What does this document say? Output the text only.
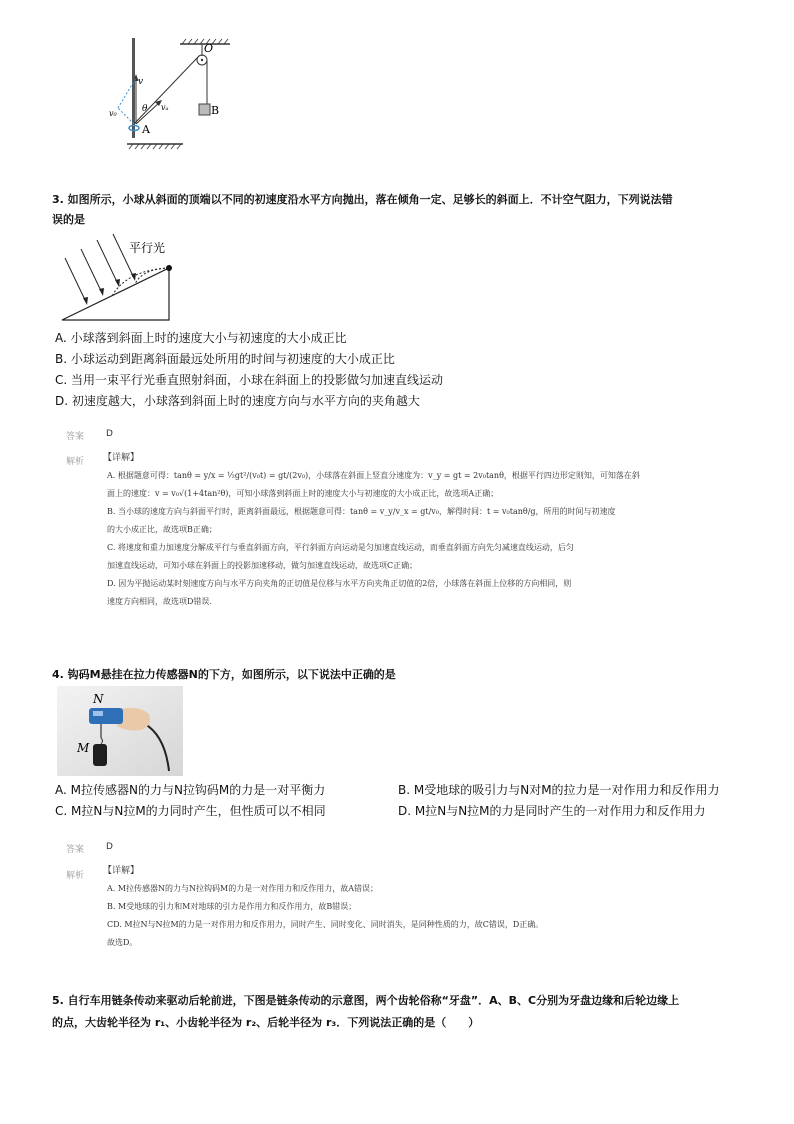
O
B
A
v
θ
v₀
vₐ
3. 如图所示，小球从斜面的顶端以不同的初速度沿水平方向抛出，落在倾角一定、足够长的斜面上．不计空气阻力，下列说法错
误的是
平行光
A. 小球落到斜面上时的速度大小与初速度的大小成正比
B. 小球运动到距离斜面最远处所用的时间与初速度的大小成正比
C. 当用一束平行光垂直照射斜面，小球在斜面上的投影做匀加速直线运动
D. 初速度越大，小球落到斜面上时的速度方向与水平方向的夹角越大
答案 D
解析 【详解】
A. 根据题意可得：tanθ = y/x = ½gt²/(v₀t) = gt/(2v₀)，小球落在斜面上竖直分速度为：v_y = gt = 2v₀tanθ，根据平行四边形定则知，可知落在斜
面上的速度：v = v₀√(1+4tan²θ)，可知小球落到斜面上时的速度大小与初速度的大小成正比，故选项A正确；
B. 当小球的速度方向与斜面平行时，距离斜面最远，根据题意可得：tanθ = v_y/v_x = gt/v₀，解得时间：t = v₀tanθ/g，所用的时间与初速度
的大小成正比，故选项B正确；
C. 将速度和重力加速度分解成平行与垂直斜面方向，平行斜面方向运动是匀加速直线运动，而垂直斜面方向先匀减速直线运动，后匀
加速直线运动，可知小球在斜面上的投影加速移动，做匀加速直线运动，故选项C正确；
D. 因为平抛运动某时刻速度方向与水平方向夹角的正切值是位移与水平方向夹角正切值的2倍，小球落在斜面上位移的方向相同，则
速度方向相同，故选项D错误.
4. 钩码M悬挂在拉力传感器N的下方，如图所示，以下说法中正确的是
N
M
A. M拉传感器N的力与N拉钩码M的力是一对平衡力	B. M受地球的吸引力与N对M的拉力是一对作用力和反作用力
C. M拉N与N拉M的力同时产生，但性质可以不相同	D. M拉N与N拉M的力是同时产生的一对作用力和反作用力
答案 D
解析 【详解】
A. M拉传感器N的力与N拉钩码M的力是一对作用力和反作用力，故A错误；
B. M受地球的引力和M对地球的引力是作用力和反作用力，故B错误；
CD. M拉N与N拉M的力是一对作用力和反作用力，同时产生、同时变化、同时消失，是同种性质的力，故C错误，D正确。
故选D。
5. 自行车用链条传动来驱动后轮前进，下图是链条传动的示意图，两个齿轮俗称“牙盘”．A、B、C分别为牙盘边缘和后轮边缘上
的点，大齿轮半径为 r₁、小齿轮半径为 r₂、后轮半径为 r₃．下列说法正确的是（　　）
